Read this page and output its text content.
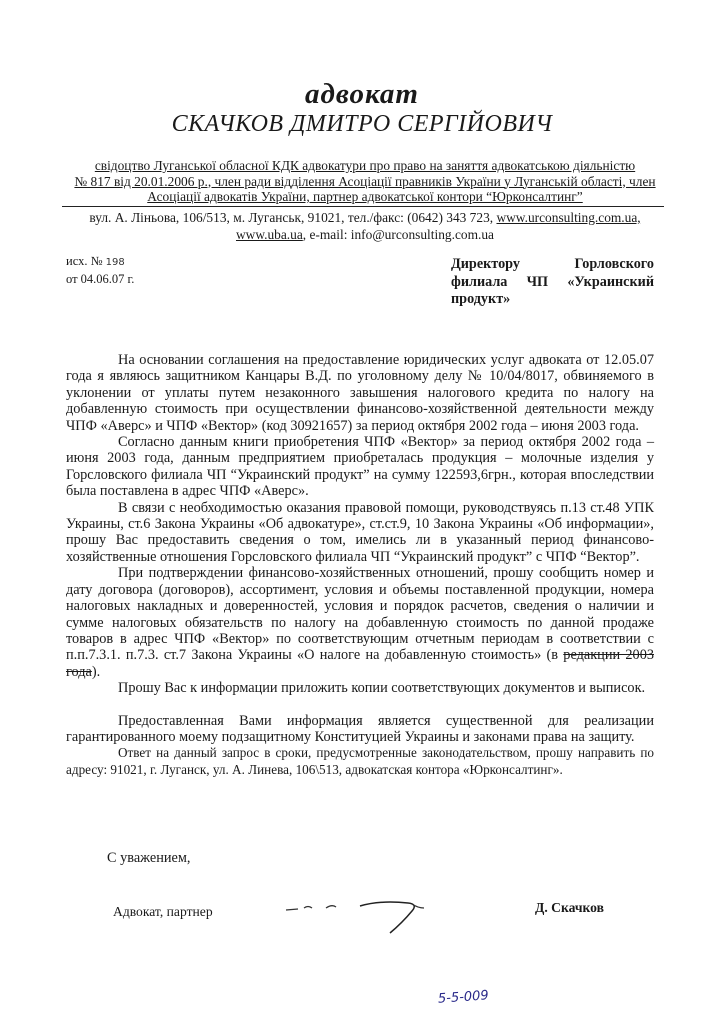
адвокат
СКАЧКОВ ДМИТРО СЕРГІЙОВИЧ
свідоцтво Луганської обласної КДК адвокатури про право на заняття адвокатською діяльністю
№ 817 від 20.01.2006 р., член ради відділення Асоціації правників України у Луганській області, член
Асоціації адвокатів України, партнер адвокатської контори “Юрконсалтинг”
вул. А. Ліньова, 106/513, м. Луганськ, 91021, тел./факс: (0642) 343 723, www.urconsulting.com.ua,
www.uba.ua, e-mail: info@urconsulting.com.ua
исх. № 198
от 04.06.07 г.
Директору Горловского
филиала ЧП «Украинский
продукт»

На основании соглашения на предоставление юридических услуг адвоката от 12.05.07 года я являюсь защитником Канцары В.Д. по уголовному делу № 10/04/8017, обвиняемого в уклонении от уплаты путем незаконного завышения налогового кредита по налогу на добавленную стоимость при осуществлении финансово-хозяйственной деятельности между ЧПФ «Аверс» и ЧПФ «Вектор» (код 30921657) за период октября 2002 года – июня 2003 года.

Согласно данным книги приобретения ЧПФ «Вектор» за период октября 2002 года – июня 2003 года, данным предприятием приобреталась продукция – молочные изделия у Горсловского филиала ЧП “Украинский продукт” на сумму 122593,6грн., которая впоследствии была поставлена в адрес ЧПФ «Аверс».

В связи с необходимостью оказания правовой помощи, руководствуясь п.13 ст.48 УПК Украины, ст.6 Закона Украины «Об адвокатуре», ст.ст.9, 10 Закона Украины «Об информации», прошу Вас предоставить сведения о том, имелись ли в указанный период финансово-хозяйственные отношения Горсловского филиала ЧП “Украинский продукт” с ЧПФ “Вектор”.

При подтверждении финансово-хозяйственных отношений, прошу сообщить номер и дату договора (договоров), ассортимент, условия и объемы поставленной продукции, номера налоговых накладных и доверенностей, условия и порядок расчетов, сведения о наличии и сумме налоговых обязательств по налогу на добавленную стоимость по данной продаже товаров в адрес ЧПФ «Вектор» по соответствующим отчетным периодам в соответствии с п.п.7.3.1. п.7.3. ст.7 Закона Украины «О налоге на добавленную стоимость» (в редакции 2003 года).

Прошу Вас к информации приложить копии соответствующих документов и выписок.

Предоставленная Вами информация является существенной для реализации гарантированного моему подзащитному Конституцией Украины и законами права на защиту.

Ответ на данный запрос в сроки, предусмотренные законодательством, прошу направить по адресу: 91021, г. Луганск, ул. А. Линева, 106\513, адвокатская контора «Юрконсалтинг».

С уважением,
Адвокат, партнер	Д. Скачков
5-5-009
